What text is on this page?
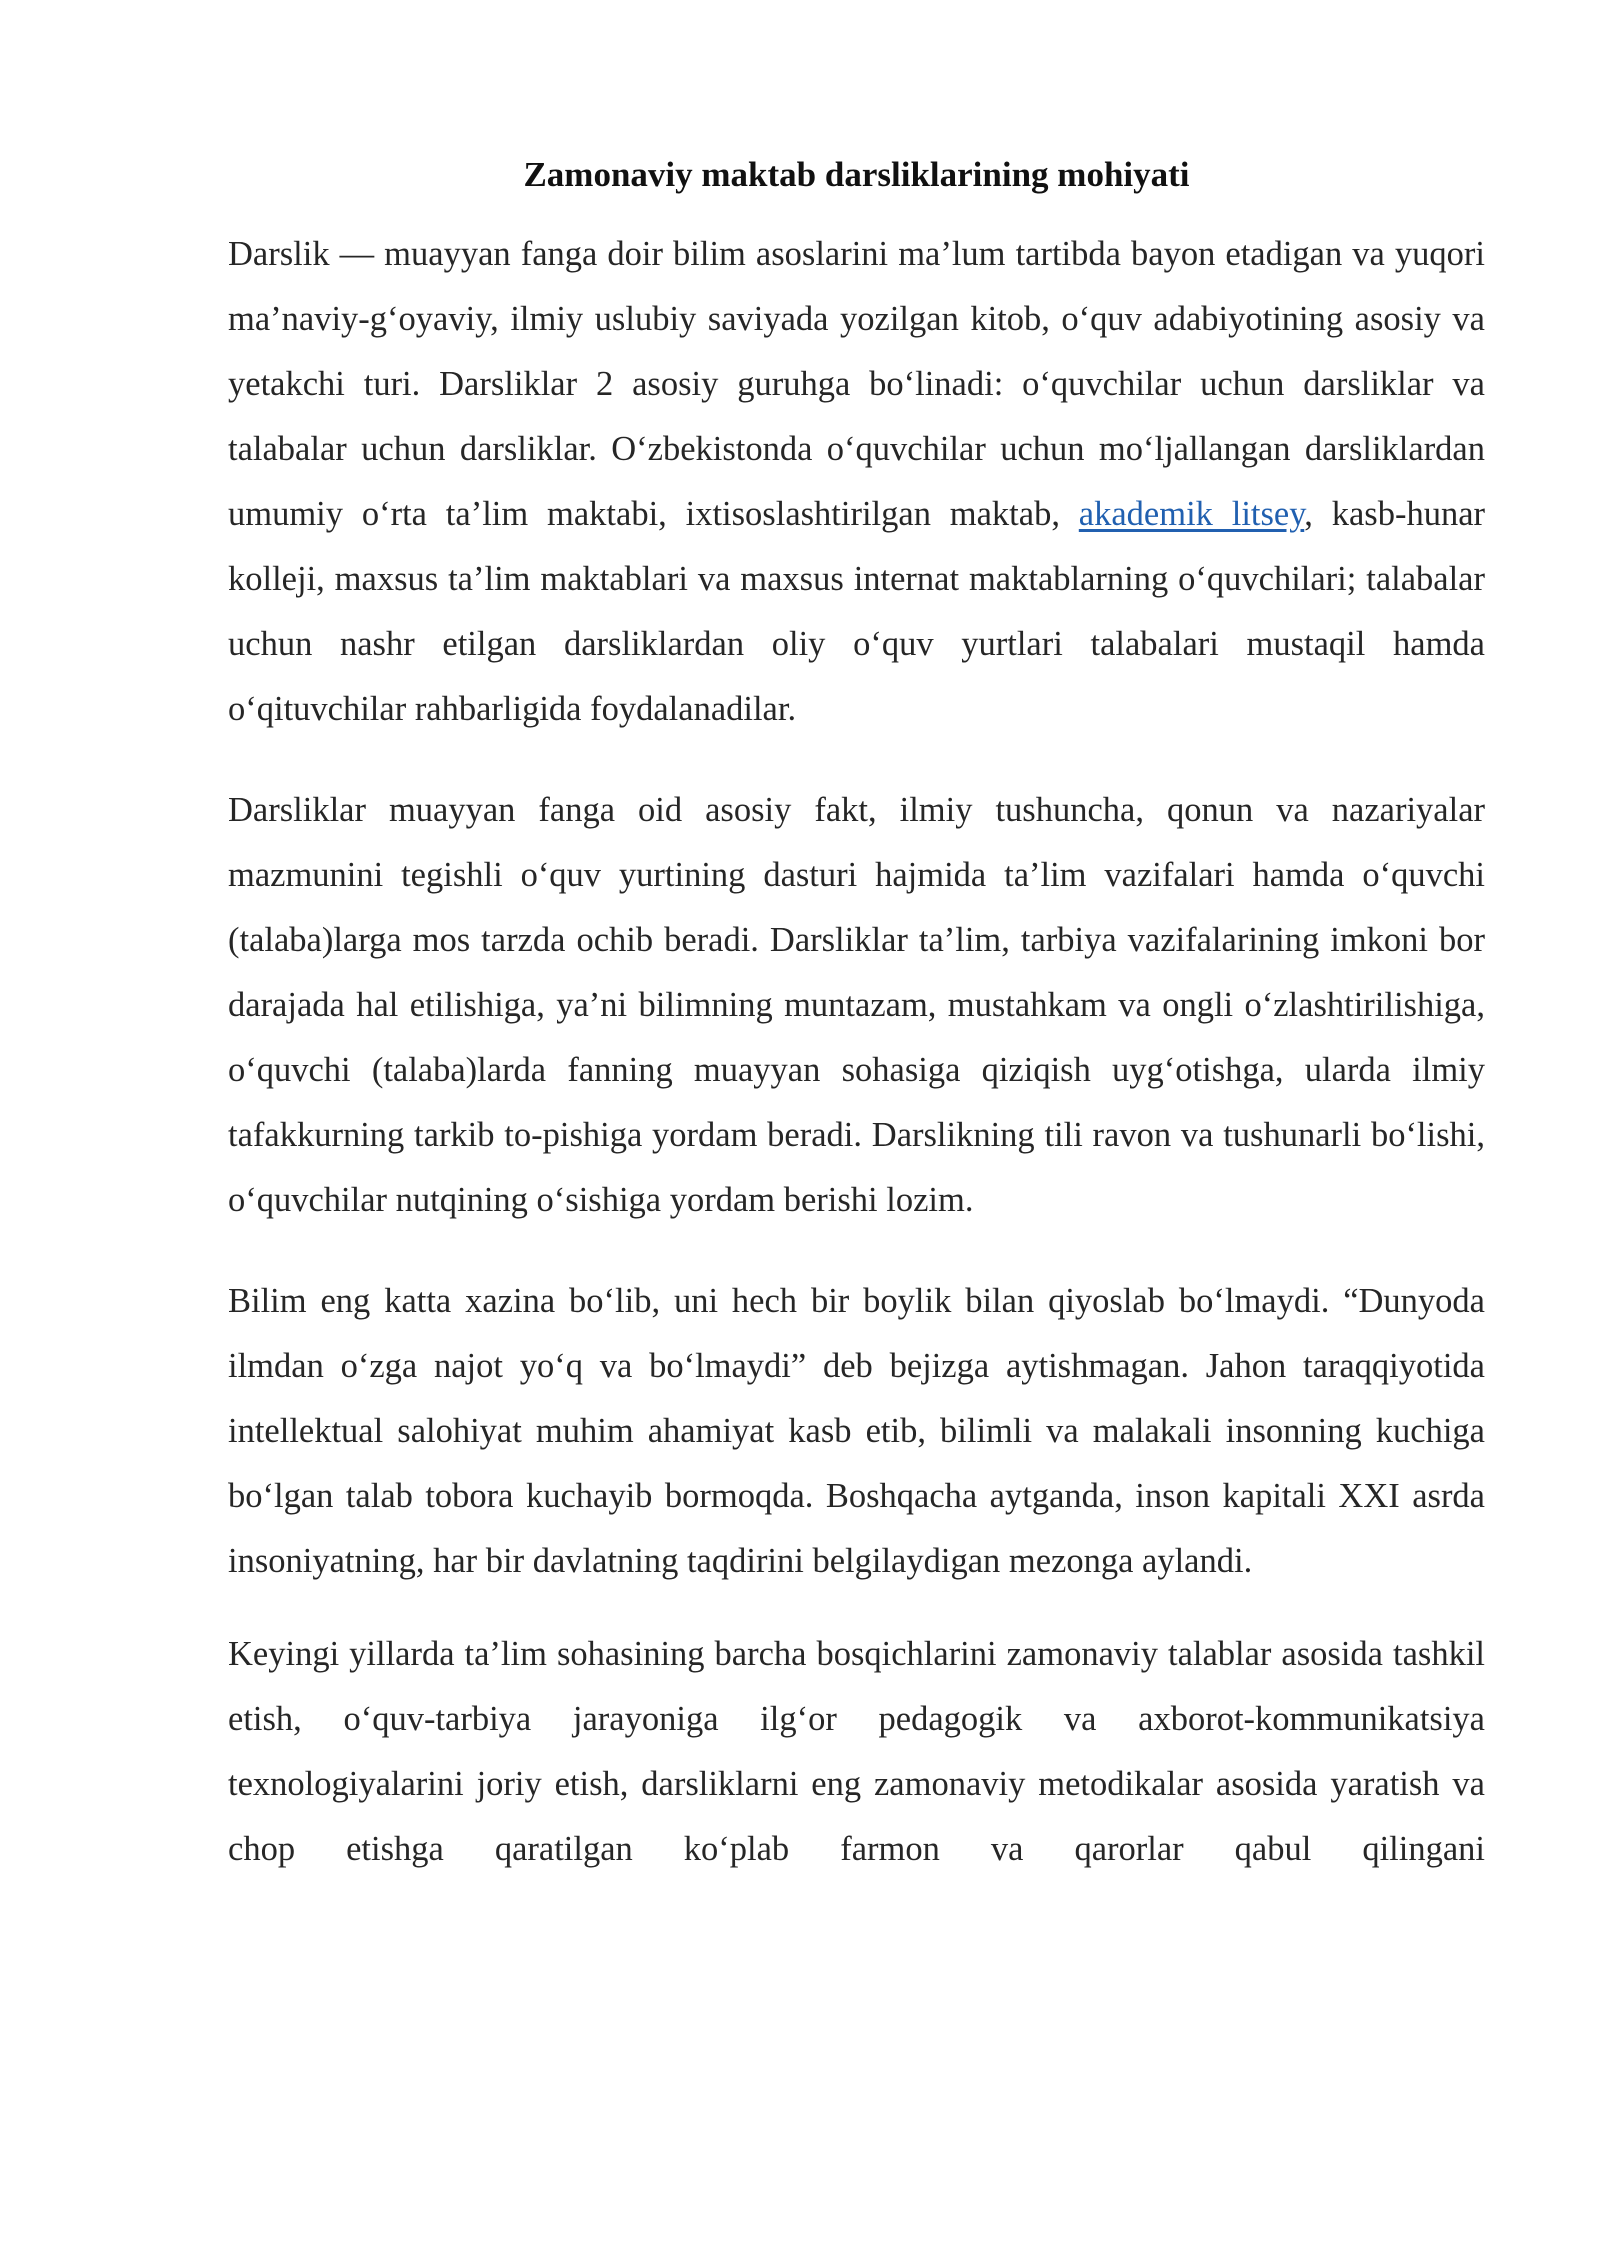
Zamonaviy maktab darsliklarining mohiyati

Darslik — muayyan fanga doir bilim asoslarini ma’lum tartibda bayon etadigan va yuqori ma’naviy-g‘oyaviy, ilmiy uslubiy saviyada yozilgan kitob, o‘quv adabiyotining asosiy va yetakchi turi. Darsliklar 2 asosiy guruhga bo‘linadi: o‘quvchilar uchun darsliklar va talabalar uchun darsliklar. O‘zbekistonda o‘quvchilar uchun mo‘ljallangan darsliklardan umumiy o‘rta ta’lim maktabi, ixtisoslashtirilgan maktab, akademik litsey, kasb-hunar kolleji, maxsus ta’lim maktablari va maxsus internat maktablarning o‘quvchilari; talabalar uchun nashr etilgan darsliklardan oliy o‘quv yurtlari talabalari mustaqil hamda o‘qituvchilar rahbarligida foydalanadilar.

Darsliklar muayyan fanga oid asosiy fakt, ilmiy tushuncha, qonun va nazariyalar mazmunini tegishli o‘quv yurtining dasturi hajmida ta’lim vazifalari hamda o‘quvchi (talaba)larga mos tarzda ochib beradi. Darsliklar ta’lim, tarbiya vazifalarining imkoni bor darajada hal etilishiga, ya’ni bilimning muntazam, mustahkam va ongli o‘zlashtirilishiga, o‘quvchi (talaba)larda fanning muayyan sohasiga qiziqish uyg‘otishga, ularda ilmiy tafakkurning tarkib to-pishiga yordam beradi. Darslikning tili ravon va tushunarli bo‘lishi, o‘quvchilar nutqining o‘sishiga yordam berishi lozim.

Bilim eng katta xazina bo‘lib, uni hech bir boylik bilan qiyoslab bo‘lmaydi. “Dunyoda ilmdan o‘zga najot yo‘q va bo‘lmaydi” deb bejizga aytishmagan. Jahon taraqqiyotida intellektual salohiyat muhim ahamiyat kasb etib, bilimli va malakali insonning kuchiga bo‘lgan talab tobora kuchayib bormoqda. Boshqacha aytganda, inson kapitali XXI asrda insoniyatning, har bir davlatning taqdirini belgilaydigan mezonga aylandi.

Keyingi yillarda ta’lim sohasining barcha bosqichlarini zamonaviy talablar asosida tashkil etish, o‘quv-tarbiya jarayoniga ilg‘or pedagogik va axborot-kommunikatsiya texnologiyalarini joriy etish, darsliklarni eng zamonaviy metodikalar asosida yaratish va chop etishga qaratilgan ko‘plab farmon va qarorlar qabul qilingani
